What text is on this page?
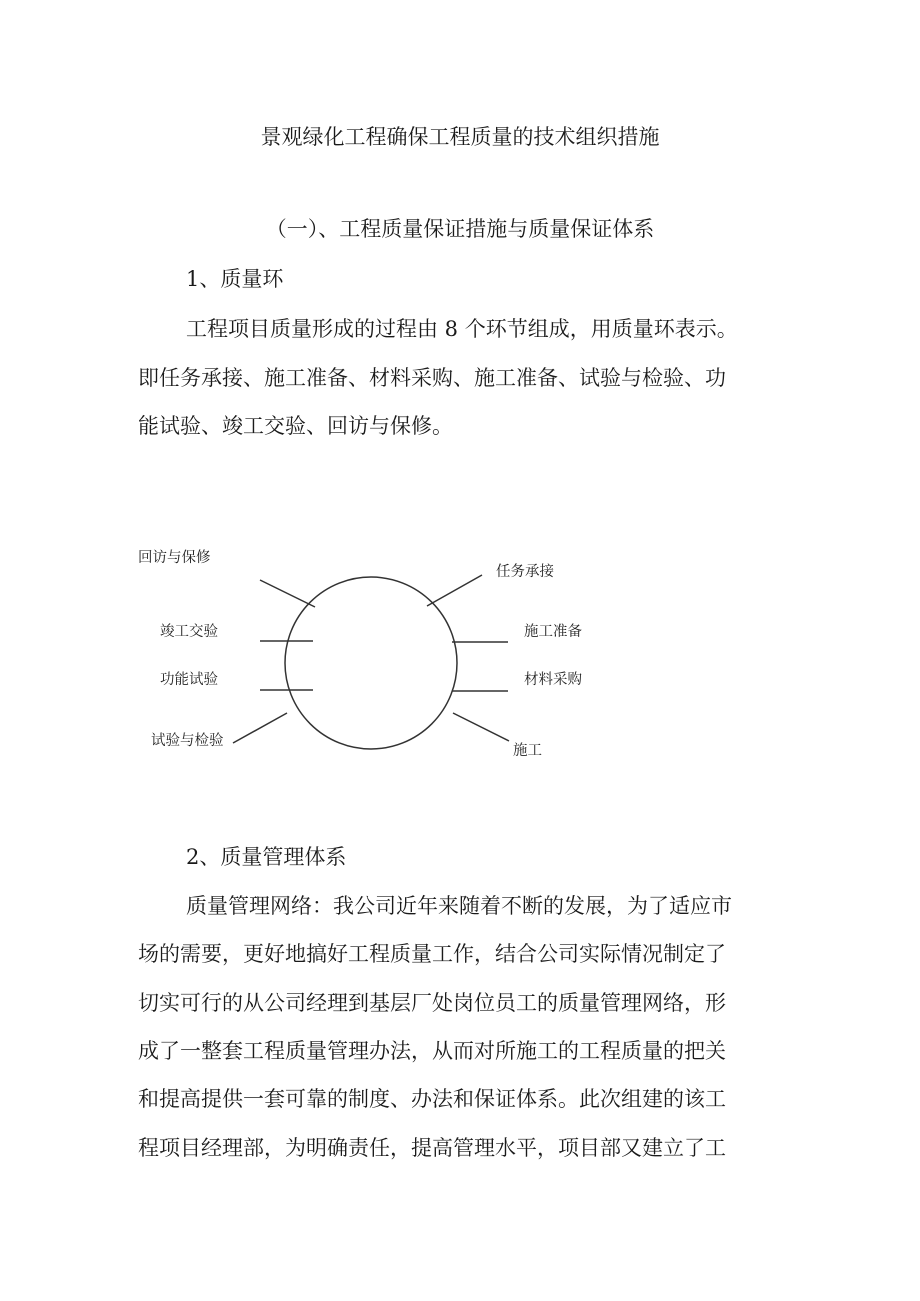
景观绿化工程确保工程质量的技术组织措施
（一）、工程质量保证措施与质量保证体系
1、质量环
工程项目质量形成的过程由 8 个环节组成，用质量环表示。
即任务承接、施工准备、材料采购、施工准备、试验与检验、功
能试验、竣工交验、回访与保修。
回访与保修
任务承接
竣工交验	施工准备
功能试验	材料采购
试验与检验
施工
2、质量管理体系
质量管理网络：我公司近年来随着不断的发展，为了适应市
场的需要，更好地搞好工程质量工作，结合公司实际情况制定了
切实可行的从公司经理到基层厂处岗位员工的质量管理网络，形
成了一整套工程质量管理办法，从而对所施工的工程质量的把关
和提高提供一套可靠的制度、办法和保证体系。此次组建的该工
程项目经理部，为明确责任，提高管理水平，项目部又建立了工
